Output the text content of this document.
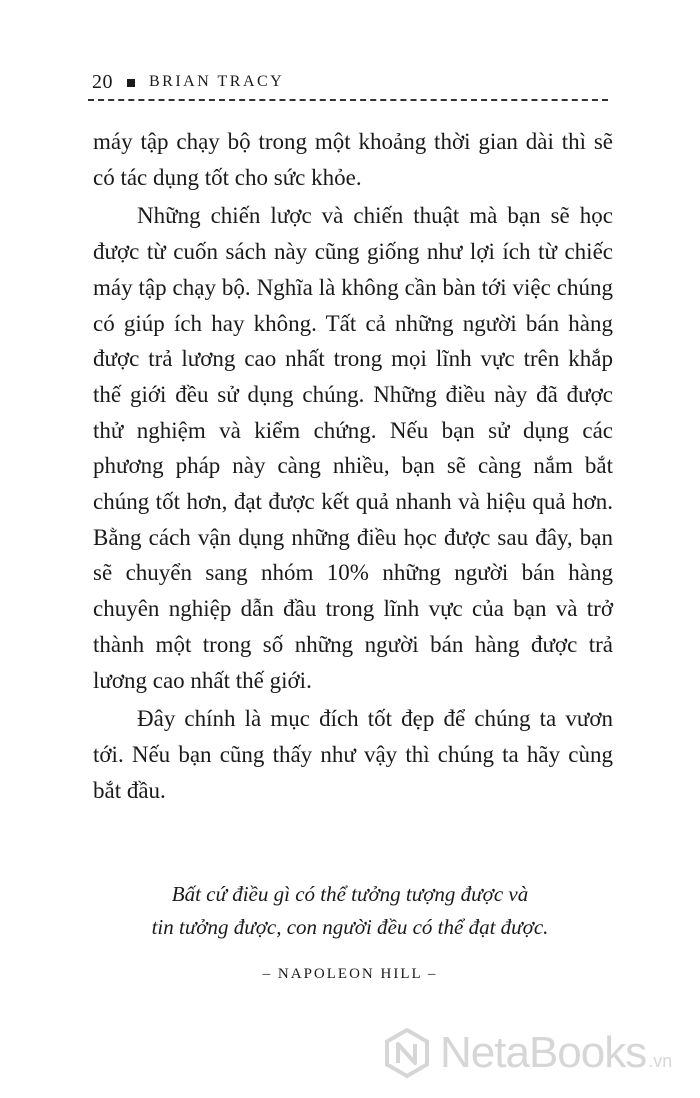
20 BRIAN TRACY

máy tập chạy bộ trong một khoảng thời gian dài thì sẽ có tác dụng tốt cho sức khỏe.

Những chiến lược và chiến thuật mà bạn sẽ học được từ cuốn sách này cũng giống như lợi ích từ chiếc máy tập chạy bộ. Nghĩa là không cần bàn tới việc chúng có giúp ích hay không. Tất cả những người bán hàng được trả lương cao nhất trong mọi lĩnh vực trên khắp thế giới đều sử dụng chúng. Những điều này đã được thử nghiệm và kiểm chứng. Nếu bạn sử dụng các phương pháp này càng nhiều, bạn sẽ càng nắm bắt chúng tốt hơn, đạt được kết quả nhanh và hiệu quả hơn. Bằng cách vận dụng những điều học được sau đây, bạn sẽ chuyển sang nhóm 10% những người bán hàng chuyên nghiệp dẫn đầu trong lĩnh vực của bạn và trở thành một trong số những người bán hàng được trả lương cao nhất thế giới.

Đây chính là mục đích tốt đẹp để chúng ta vươn tới. Nếu bạn cũng thấy như vậy thì chúng ta hãy cùng bắt đầu.

Bất cứ điều gì có thể tưởng tượng được và
tin tưởng được, con người đều có thể đạt được.
– NAPOLEON HILL –
NetaBooks .vn
